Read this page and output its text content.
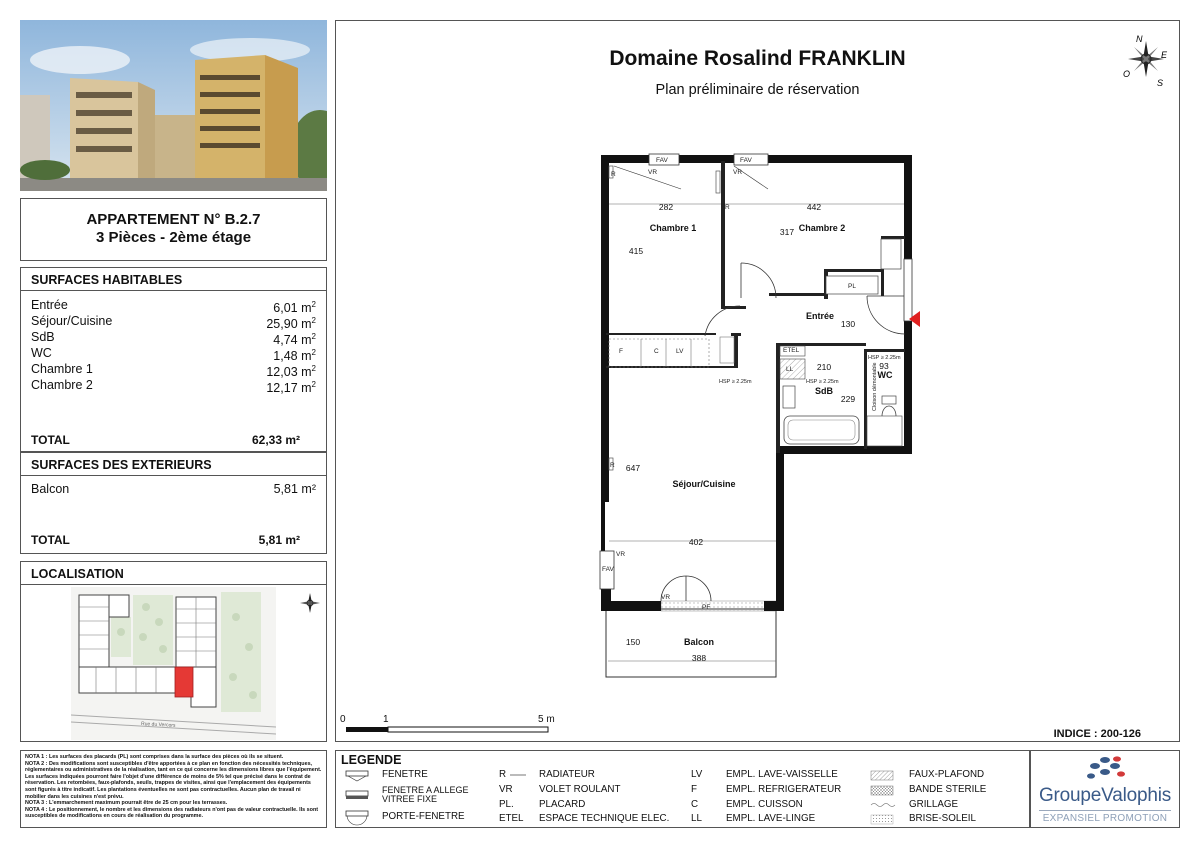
APPARTEMENT N° B.2.7
3 Pièces - 2ème étage
SURFACES HABITABLES
Entrée	6,01 $m^2$
Séjour/Cuisine	25,90 $m^2$
SdB	4,74 $m^2$
WC	1,48 $m^2$
Chambre 1	12,03 $m^2$
Chambre 2	12,17 $m^2$
TOTAL	62,33 m²
SURFACES DES EXTERIEURS
Balcon	5,81 m²
TOTAL	5,81 m²
LOCALISATION
Rue du Vercors
NOTA 1 : Les surfaces des placards (PL) sont comprises dans la surface des pièces où ils se situent.
NOTA 2 : Des modifications sont susceptibles d'être apportées à ce plan en fonction des nécessités techniques, réglementaires ou administratives de la réalisation, tant en ce qui concerne les dimensions libres que l'équipement. Les surfaces indiquées pourront faire l'objet d'une différence de moins de 5% tel que précisé dans le contrat de réservation. Les retombées, faux-plafonds, seuils, trappes de visites, ainsi que l'emplacement des équipements sont figurés à titre indicatif. Les plantations éventuelles ne sont pas contractuelles. Aucun plan de travail ni mobilier dans les cuisines n'est prévu.
NOTA 3 : L'emmarchement maximum pourrait être de 25 cm pour les terrasses.
NOTA 4 : Le positionnement, le nombre et les dimensions des radiateurs n'ont pas de valeur contractuelle. Ils sont susceptibles de modifications en cours de réalisation du programme.
Domaine Rosalind FRANKLIN
Plan préliminaire de réservation
N
E
S
O
Chambre 1	Chambre 2
Entrée
SdB
WC
Séjour/Cuisine
Balcon
282
415
442
317
130
210
229
93
647
402
150
388
FAV	FAV
VR	VR
R
R
R
PL
PF
VR
VR
FAV
F	C	LV	ETEL
LL
HSP ≥ 2.25m	HSP ≥ 2.25m
HSP ≥ 2.25m
Cloison démontable
0	1	5 m
INDICE : 200-126
LEGENDE
FENETRE
FENETRE A ALLEGE VITREE FIXE
PORTE-FENETRE
R	RADIATEUR
VR	VOLET ROULANT
PL.	PLACARD
ETEL ESPACE TECHNIQUE ELEC.
LV EMPL. LAVE-VAISSELLE
F	EMPL. REFRIGERATEUR
C	EMPL. CUISSON
LL EMPL. LAVE-LINGE
FAUX-PLAFOND
BANDE STERILE
GRILLAGE
BRISE-SOLEIL
GroupeValophis
EXPANSIEL PROMOTION
